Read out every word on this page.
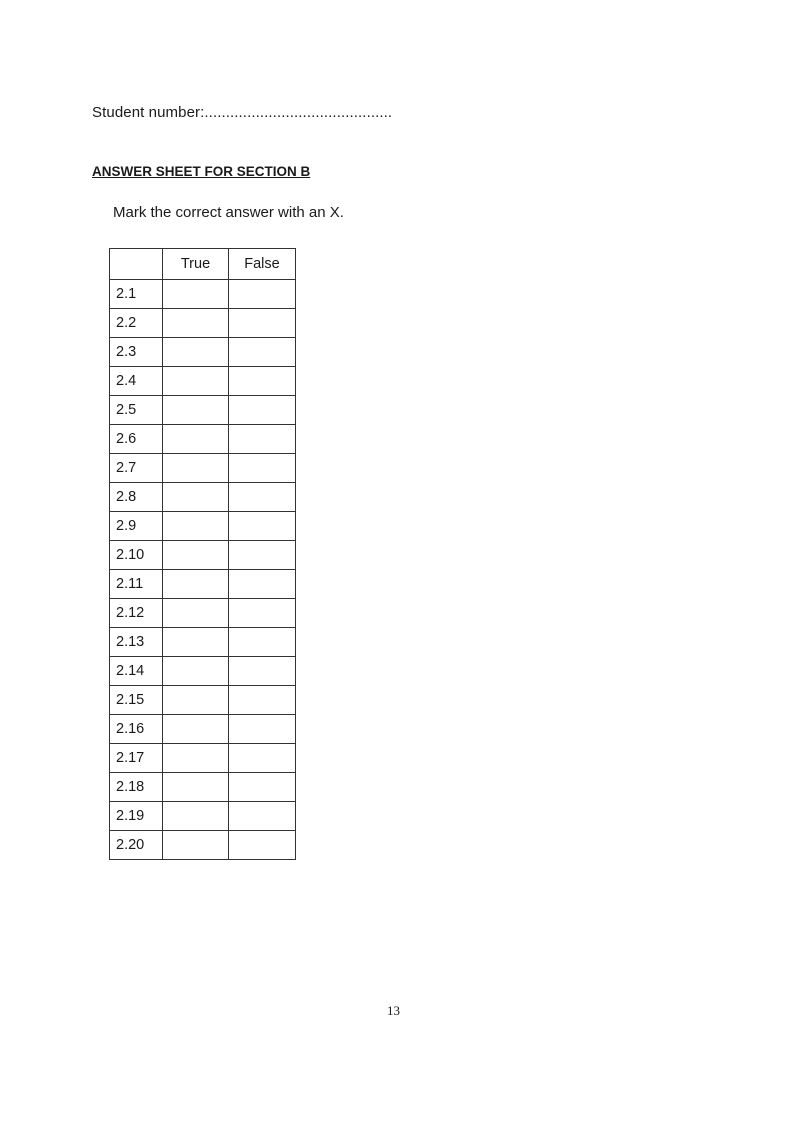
Student number:............................................
ANSWER SHEET FOR SECTION B
Mark the correct answer with an X.
	True	False
2.1		
2.2		
2.3		
2.4		
2.5		
2.6		
2.7		
2.8		
2.9		
2.10		
2.11		
2.12		
2.13		
2.14		
2.15		
2.16		
2.17		
2.18		
2.19		
2.20		
13
